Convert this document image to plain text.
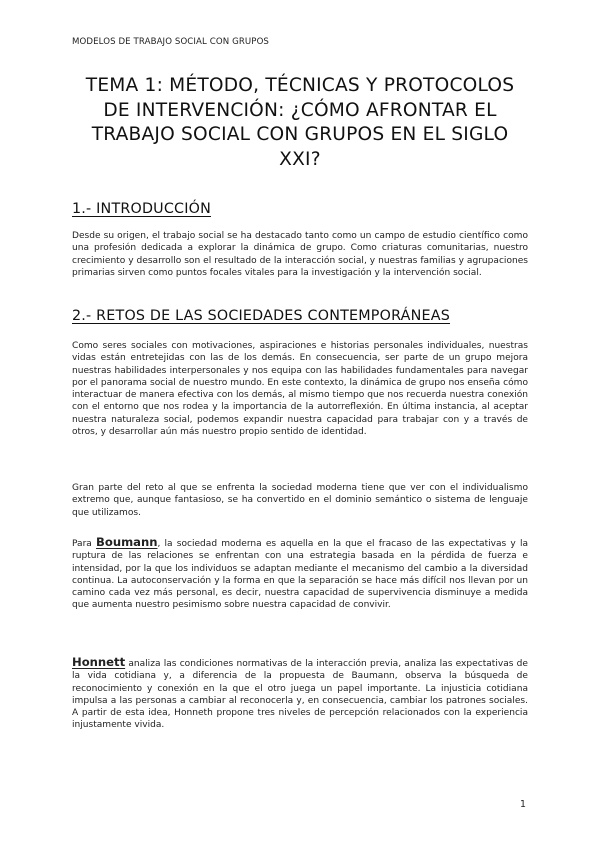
MODELOS DE TRABAJO SOCIAL CON GRUPOS
TEMA 1: MÉTODO, TÉCNICAS Y PROTOCOLOS DE INTERVENCIÓN: ¿CÓMO AFRONTAR EL TRABAJO SOCIAL CON GRUPOS EN EL SIGLO XXI?
1.- INTRODUCCIÓN
Desde su origen, el trabajo social se ha destacado tanto como un campo de estudio científico como una profesión dedicada a explorar la dinámica de grupo. Como criaturas comunitarias, nuestro crecimiento y desarrollo son el resultado de la interacción social, y nuestras familias y agrupaciones primarias sirven como puntos focales vitales para la investigación y la intervención social.
2.- RETOS DE LAS SOCIEDADES CONTEMPORÁNEAS
Como seres sociales con motivaciones, aspiraciones e historias personales individuales, nuestras vidas están entretejidas con las de los demás. En consecuencia, ser parte de un grupo mejora nuestras habilidades interpersonales y nos equipa con las habilidades fundamentales para navegar por el panorama social de nuestro mundo. En este contexto, la dinámica de grupo nos enseña cómo interactuar de manera efectiva con los demás, al mismo tiempo que nos recuerda nuestra conexión con el entorno que nos rodea y la importancia de la autorreflexión. En última instancia, al aceptar nuestra naturaleza social, podemos expandir nuestra capacidad para trabajar con y a través de otros, y desarrollar aún más nuestro propio sentido de identidad.
Gran parte del reto al que se enfrenta la sociedad moderna tiene que ver con el individualismo extremo que, aunque fantasioso, se ha convertido en el dominio semántico o sistema de lenguaje que utilizamos.
Para Boumann, la sociedad moderna es aquella en la que el fracaso de las expectativas y la ruptura de las relaciones se enfrentan con una estrategia basada en la pérdida de fuerza e intensidad, por la que los individuos se adaptan mediante el mecanismo del cambio a la diversidad continua. La autoconservación y la forma en que la separación se hace más difícil nos llevan por un camino cada vez más personal, es decir, nuestra capacidad de supervivencia disminuye a medida que aumenta nuestro pesimismo sobre nuestra capacidad de convivir.
Honnett analiza las condiciones normativas de la interacción previa, analiza las expectativas de la vida cotidiana y, a diferencia de la propuesta de Baumann, observa la búsqueda de reconocimiento y conexión en la que el otro juega un papel importante. La injusticia cotidiana impulsa a las personas a cambiar al reconocerla y, en consecuencia, cambiar los patrones sociales. A partir de esta idea, Honneth propone tres niveles de percepción relacionados con la experiencia injustamente vivida.
1
